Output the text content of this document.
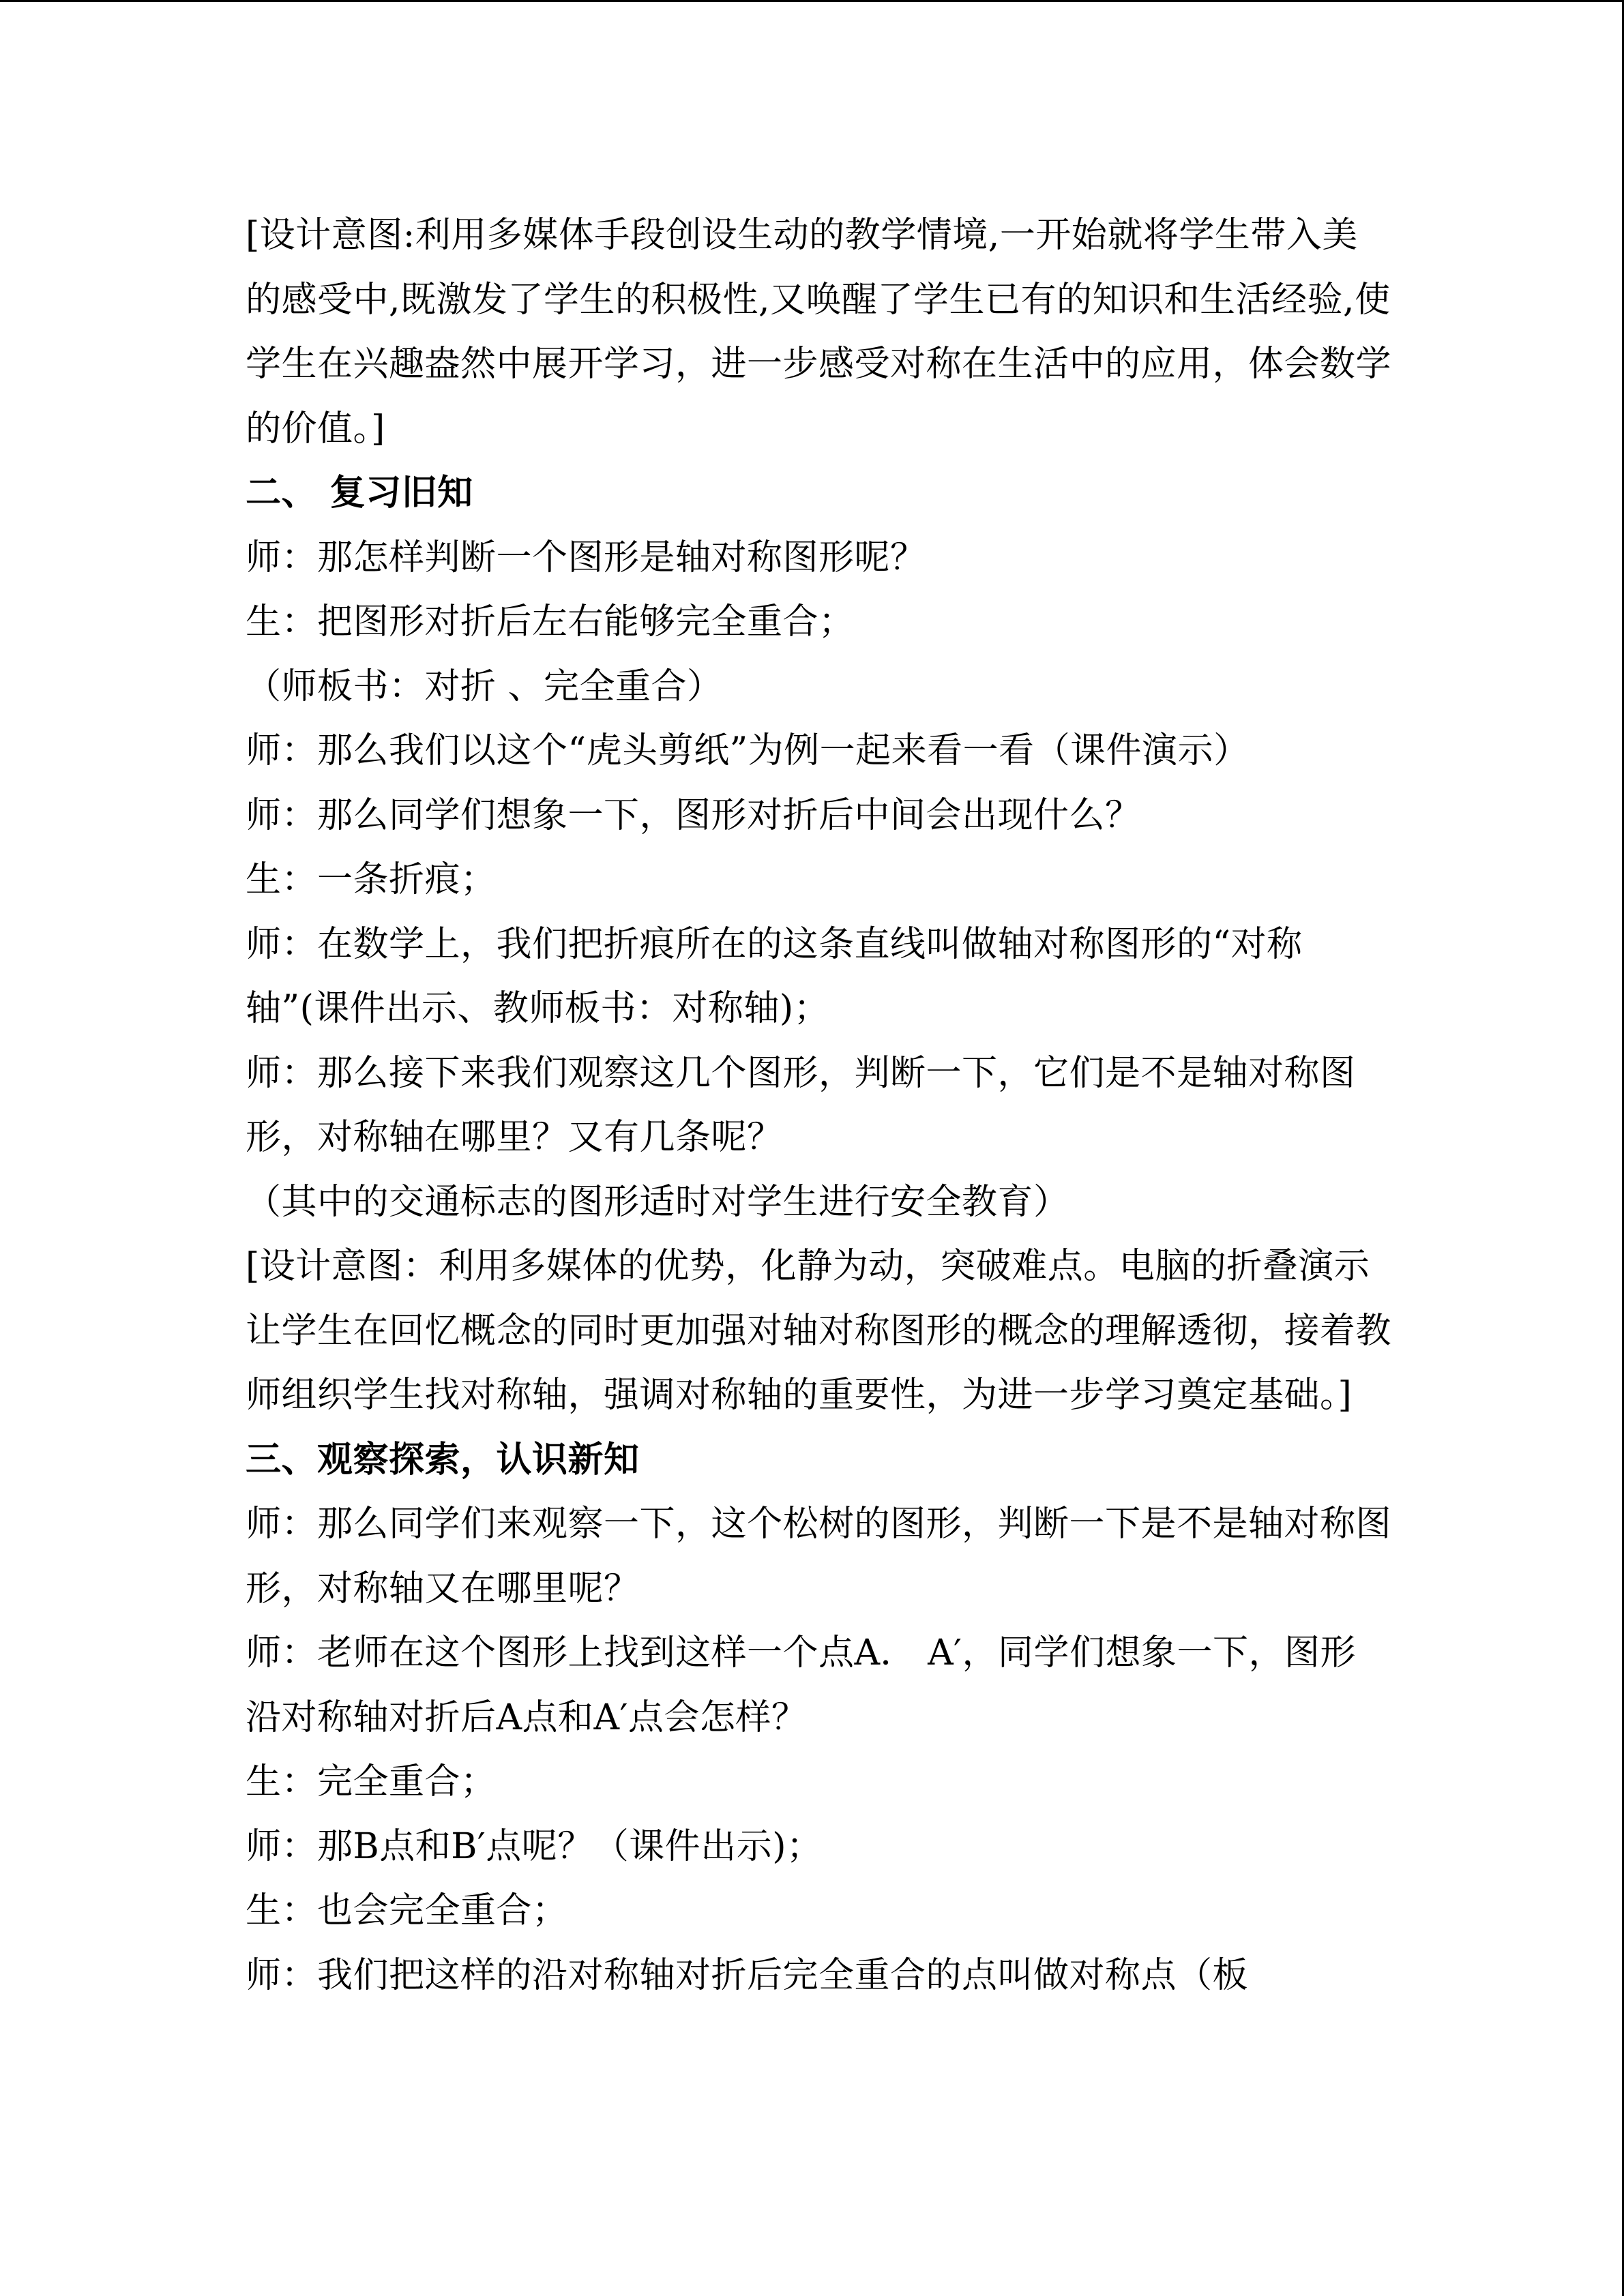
[设计意图:利用多媒体手段创设生动的教学情境,一开始就将学生带入美的感受中,既激发了学生的积极性,又唤醒了学生已有的知识和生活经验,使学生在兴趣盎然中展开学习，进一步感受对称在生活中的应用，体会数学的价值。]

二、 复习旧知

师：那怎样判断一个图形是轴对称图形呢？

生：把图形对折后左右能够完全重合；

（师板书：对折 、完全重合）

师：那么我们以这个“虎头剪纸”为例一起来看一看（课件演示）

师：那么同学们想象一下，图形对折后中间会出现什么？

生：一条折痕；

师：在数学上，我们把折痕所在的这条直线叫做轴对称图形的“对称轴”(课件出示、教师板书：对称轴)；

师：那么接下来我们观察这几个图形，判断一下，它们是不是轴对称图形，对称轴在哪里？又有几条呢？

（其中的交通标志的图形适时对学生进行安全教育）

[设计意图：利用多媒体的优势，化静为动，突破难点。电脑的折叠演示让学生在回忆概念的同时更加强对轴对称图形的概念的理解透彻，接着教师组织学生找对称轴，强调对称轴的重要性，为进一步学习奠定基础。]

三、观察探索，认识新知

师：那么同学们来观察一下，这个松树的图形，判断一下是不是轴对称图形，对称轴又在哪里呢？

师：老师在这个图形上找到这样一个点A． A′，同学们想象一下，图形沿对称轴对折后A点和A′点会怎样？

生：完全重合；

师：那B点和B′点呢？（课件出示)；

生：也会完全重合；

师：我们把这样的沿对称轴对折后完全重合的点叫做对称点（板
